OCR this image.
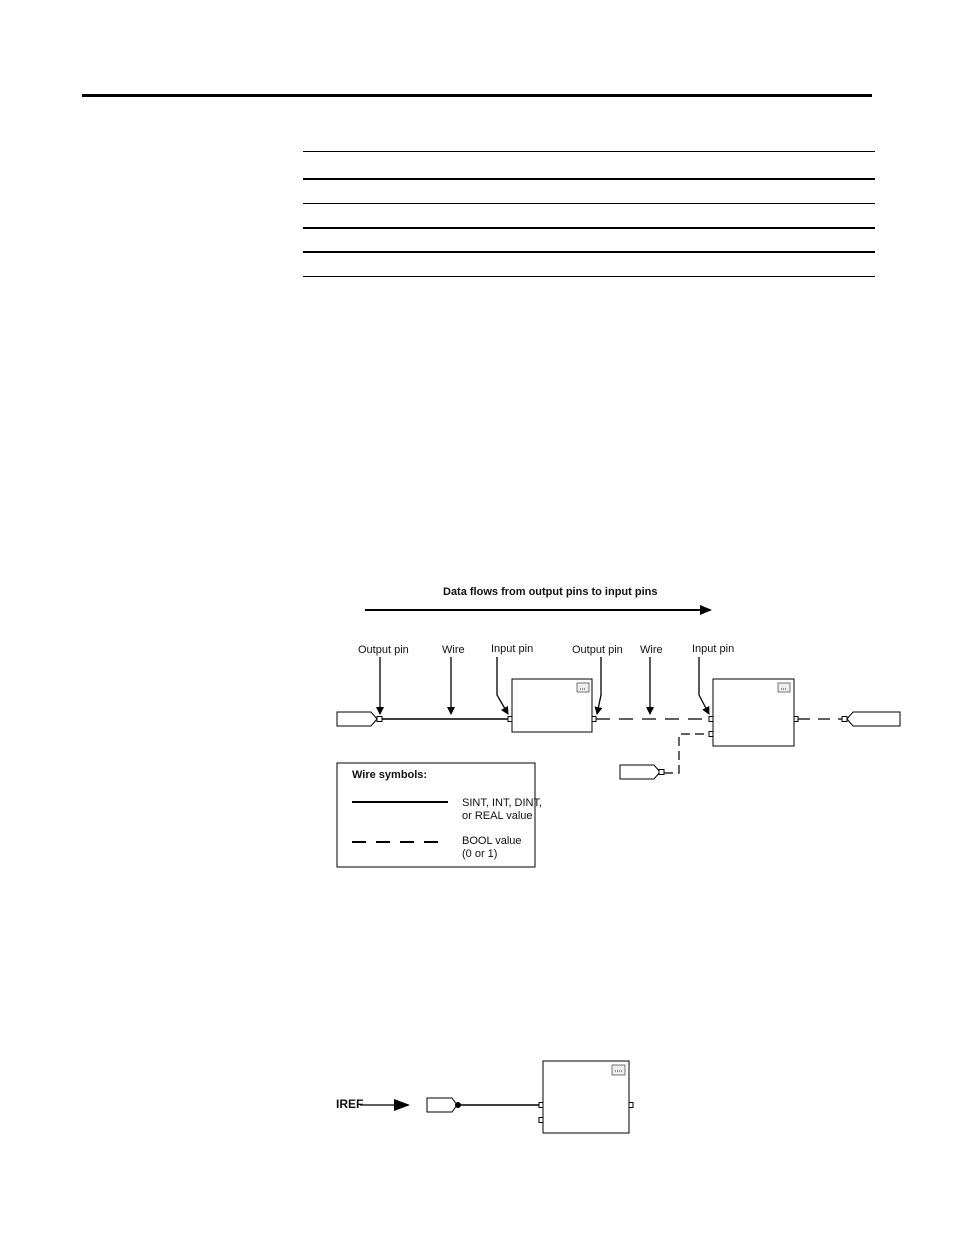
Data flows from output pins to input pins
Output pin	Wire Input pin	Output pin Wire	Input pin
Wire symbols:
SINT, INT, DINT,
or REAL value
BOOL value
(0 or 1)
IREF
